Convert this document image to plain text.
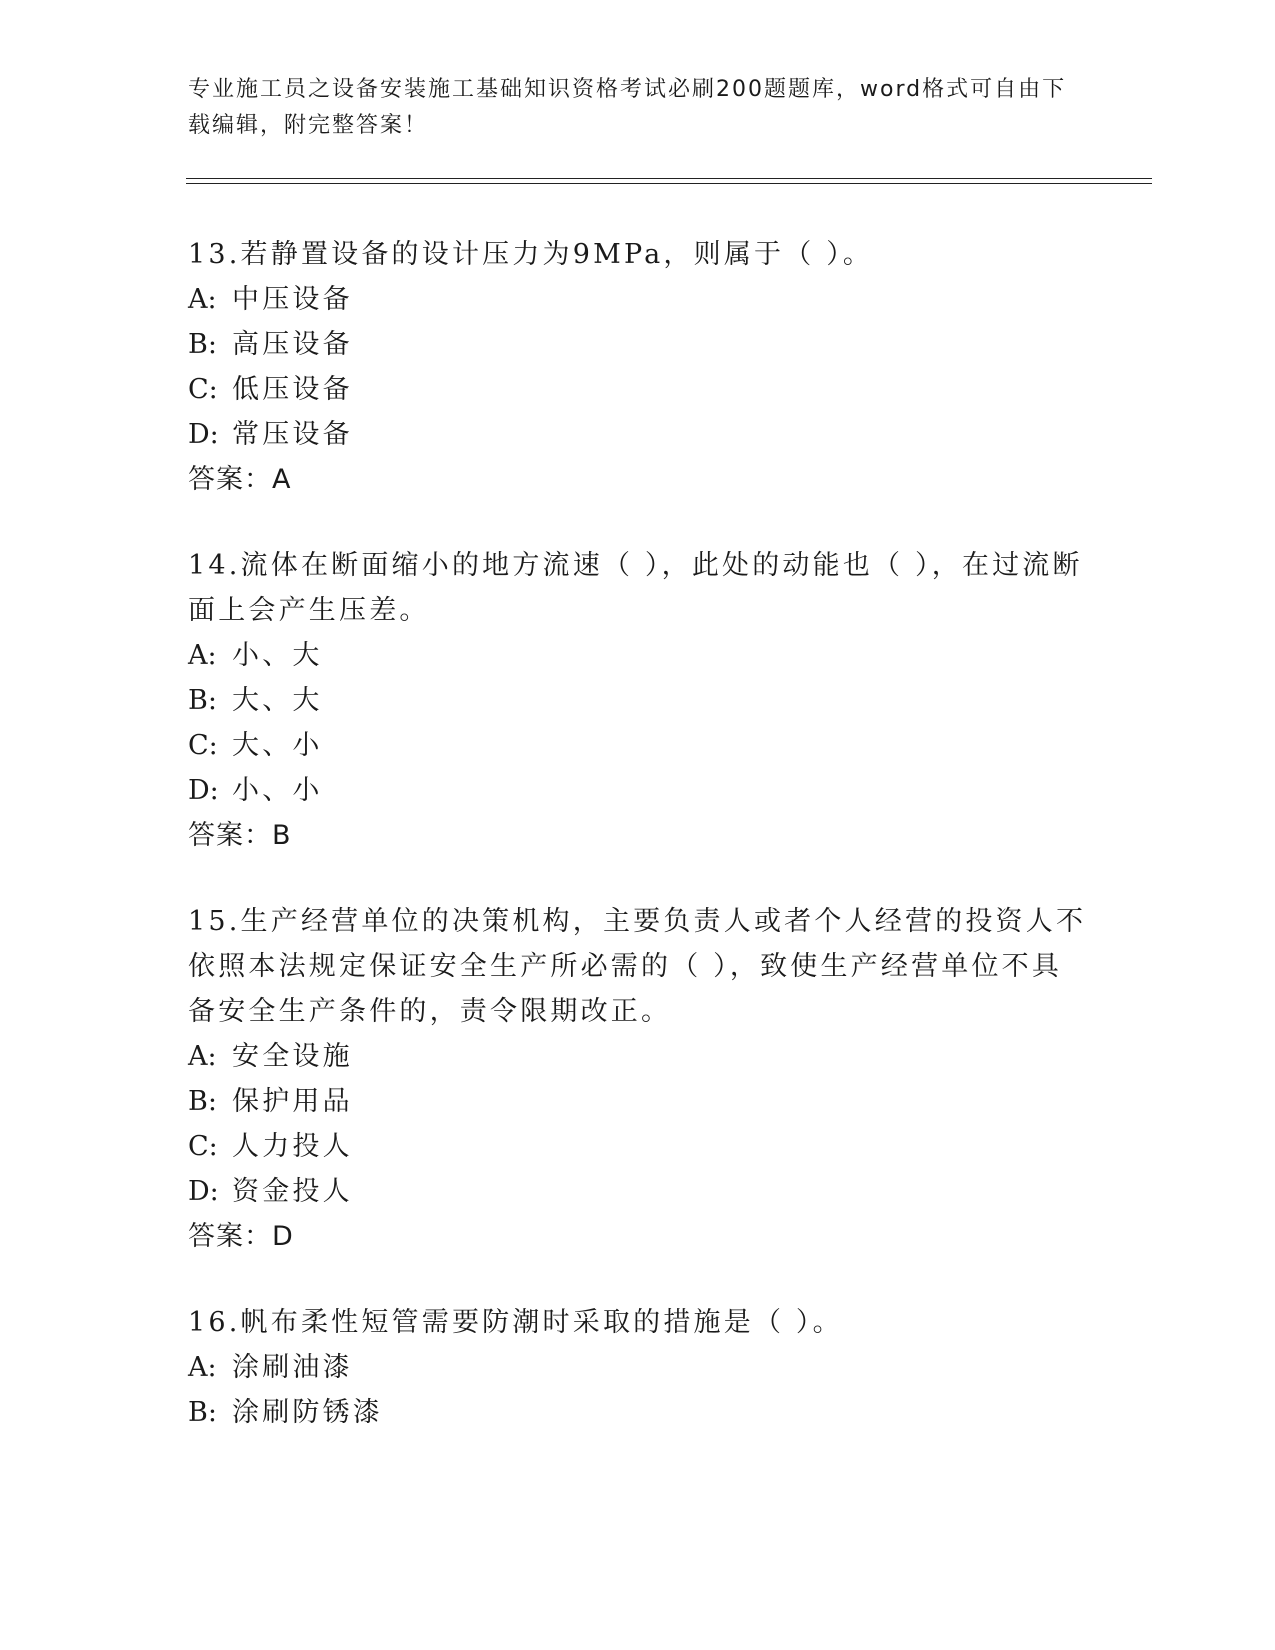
专业施工员之设备安装施工基础知识资格考试必刷200题题库，word格式可自由下载编辑，附完整答案！

13.若静置设备的设计压力为9MPa，则属于（ ）。

A: 中压设备

B: 高压设备

C: 低压设备

D: 常压设备

答案：A

14.流体在断面缩小的地方流速（ ），此处的动能也（ ），在过流断面上会产生压差。

A: 小、大

B: 大、大

C: 大、小

D: 小、小

答案：B

15.生产经营单位的决策机构，主要负责人或者个人经营的投资人不依照本法规定保证安全生产所必需的（ ），致使生产经营单位不具备安全生产条件的，责令限期改正。

A: 安全设施

B: 保护用品

C: 人力投人

D: 资金投人

答案：D

16.帆布柔性短管需要防潮时采取的措施是（ ）。

A: 涂刷油漆

B: 涂刷防锈漆
